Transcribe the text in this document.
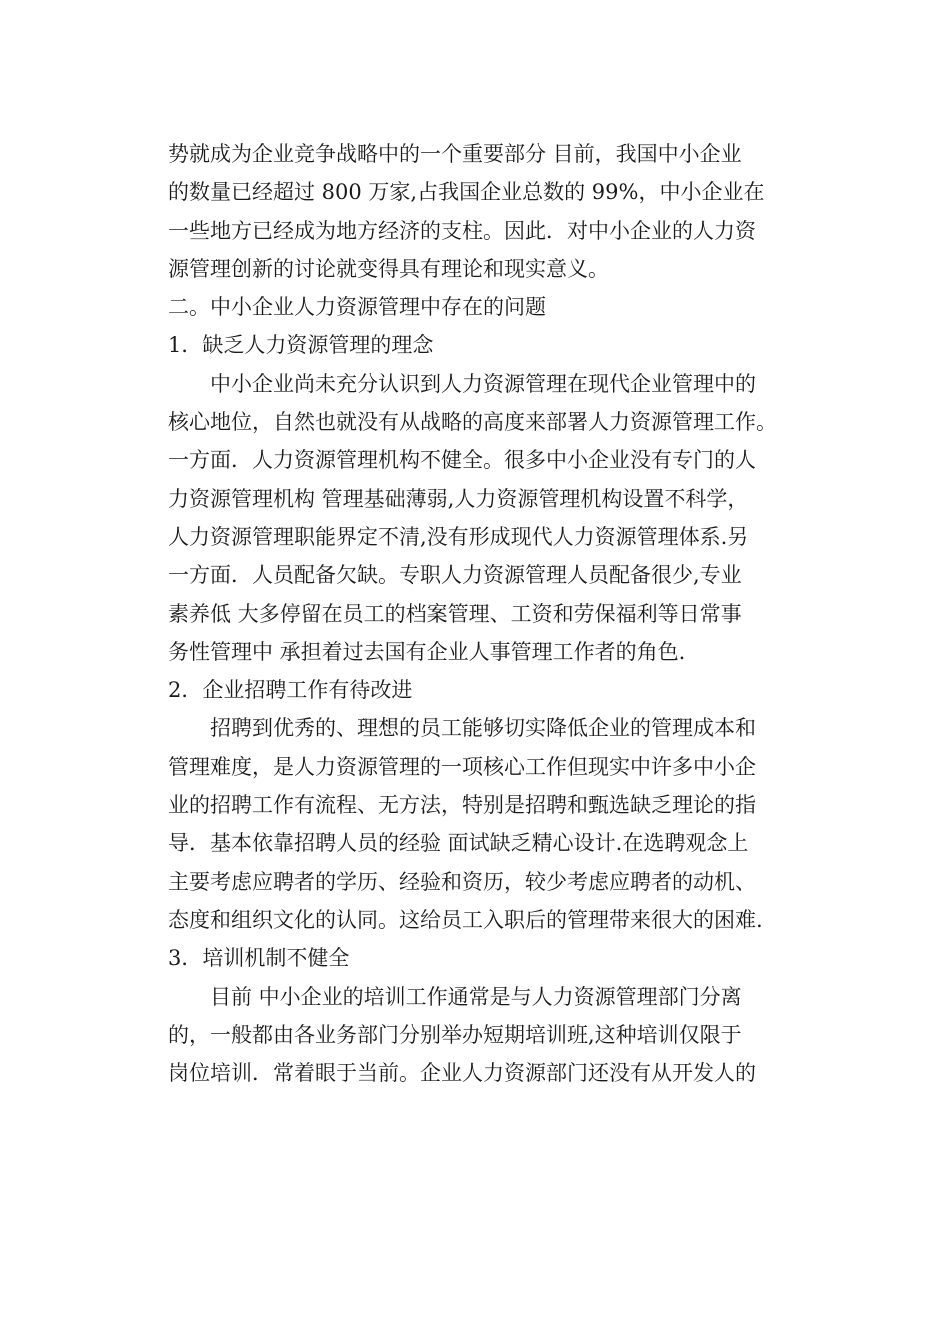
势就成为企业竞争战略中的一个重要部分 目前，我国中小企业
的数量已经超过 800 万家,占我国企业总数的 99%，中小企业在
一些地方已经成为地方经济的支柱。因此．对中小企业的人力资
源管理创新的讨论就变得具有理论和现实意义。
二。中小企业人力资源管理中存在的问题
1．缺乏人力资源管理的理念
中小企业尚未充分认识到人力资源管理在现代企业管理中的
核心地位，自然也就没有从战略的高度来部署人力资源管理工作。
一方面．人力资源管理机构不健全。很多中小企业没有专门的人
力资源管理机构 管理基础薄弱,人力资源管理机构设置不科学，
人力资源管理职能界定不清,没有形成现代人力资源管理体系.另
一方面．人员配备欠缺。专职人力资源管理人员配备很少,专业
素养低 大多停留在员工的档案管理、工资和劳保福利等日常事
务性管理中 承担着过去国有企业人事管理工作者的角色.
2．企业招聘工作有待改进
招聘到优秀的、理想的员工能够切实降低企业的管理成本和
管理难度，是人力资源管理的一项核心工作但现实中许多中小企
业的招聘工作有流程、无方法，特别是招聘和甄选缺乏理论的指
导．基本依靠招聘人员的经验 面试缺乏精心设计.在选聘观念上
主要考虑应聘者的学历、经验和资历，较少考虑应聘者的动机、
态度和组织文化的认同。这给员工入职后的管理带来很大的困难.
3．培训机制不健全
目前 中小企业的培训工作通常是与人力资源管理部门分离
的，一般都由各业务部门分别举办短期培训班,这种培训仅限于
岗位培训．常着眼于当前。企业人力资源部门还没有从开发人的
